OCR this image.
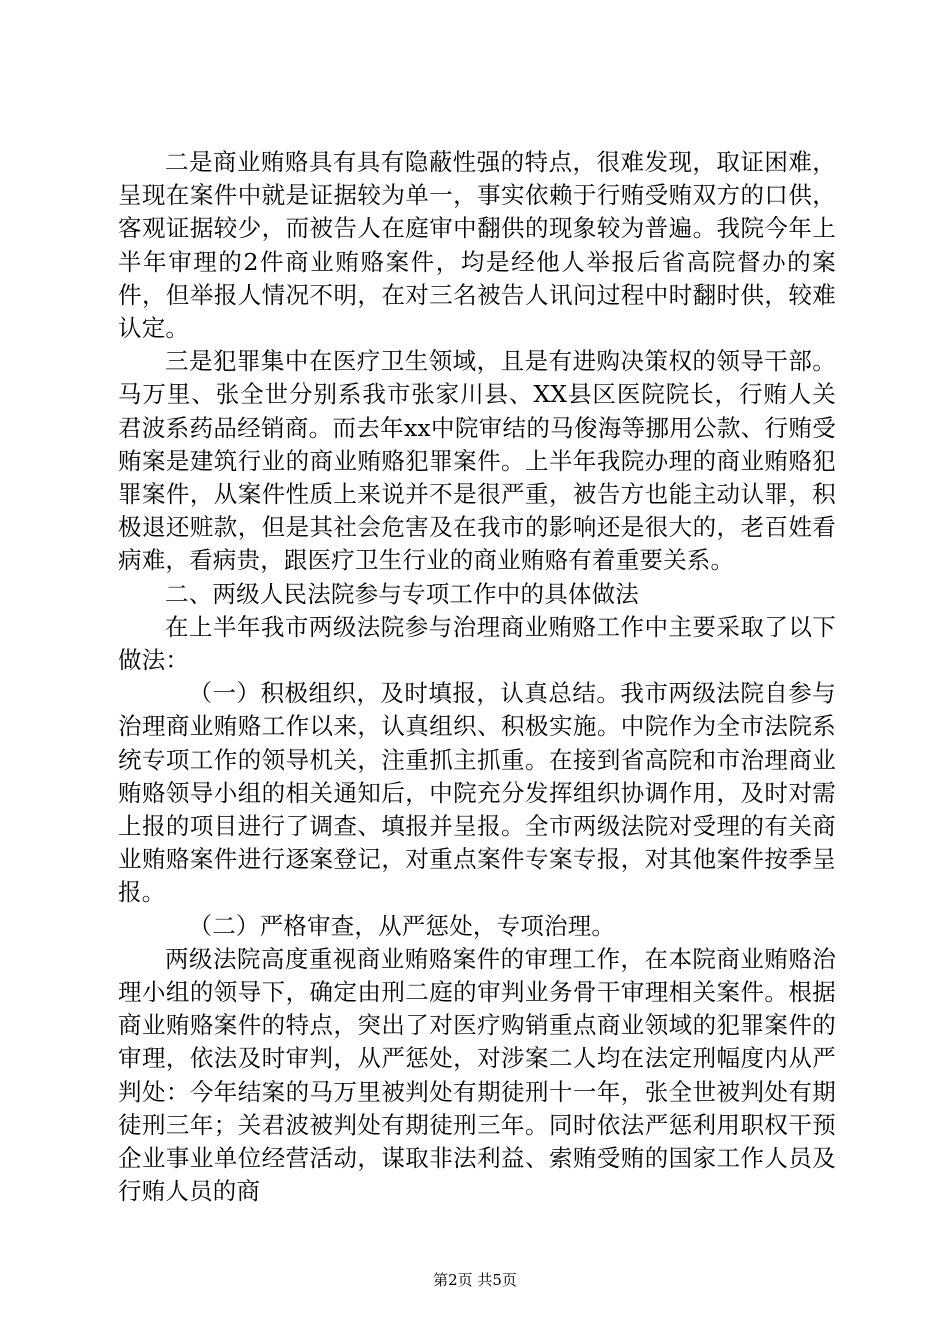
二是商业贿赂具有具有隐蔽性强的特点，很难发现，取证困难，呈现在案件中就是证据较为单一，事实依赖于行贿受贿双方的口供，客观证据较少，而被告人在庭审中翻供的现象较为普遍。我院今年上半年审理的2件商业贿赂案件，均是经他人举报后省高院督办的案件，但举报人情况不明，在对三名被告人讯问过程中时翻时供，较难认定。

三是犯罪集中在医疗卫生领域，且是有进购决策权的领导干部。马万里、张全世分别系我市张家川县、XX县区医院院长，行贿人关君波系药品经销商。而去年xx中院审结的马俊海等挪用公款、行贿受贿案是建筑行业的商业贿赂犯罪案件。上半年我院办理的商业贿赂犯罪案件，从案件性质上来说并不是很严重，被告方也能主动认罪，积极退还赃款，但是其社会危害及在我市的影响还是很大的，老百姓看病难，看病贵，跟医疗卫生行业的商业贿赂有着重要关系。

二、两级人民法院参与专项工作中的具体做法

在上半年我市两级法院参与治理商业贿赂工作中主要采取了以下做法：

（一）积极组织，及时填报，认真总结。我市两级法院自参与治理商业贿赂工作以来，认真组织、积极实施。中院作为全市法院系统专项工作的领导机关，注重抓主抓重。在接到省高院和市治理商业贿赂领导小组的相关通知后，中院充分发挥组织协调作用，及时对需上报的项目进行了调查、填报并呈报。全市两级法院对受理的有关商业贿赂案件进行逐案登记，对重点案件专案专报，对其他案件按季呈报。

（二）严格审查，从严惩处，专项治理。

两级法院高度重视商业贿赂案件的审理工作，在本院商业贿赂治理小组的领导下，确定由刑二庭的审判业务骨干审理相关案件。根据商业贿赂案件的特点，突出了对医疗购销重点商业领域的犯罪案件的审理，依法及时审判，从严惩处，对涉案二人均在法定刑幅度内从严判处：今年结案的马万里被判处有期徒刑十一年，张全世被判处有期徒刑三年；关君波被判处有期徒刑三年。同时依法严惩利用职权干预企业事业单位经营活动，谋取非法利益、索贿受贿的国家工作人员及行贿人员的商

第2页 共5页
